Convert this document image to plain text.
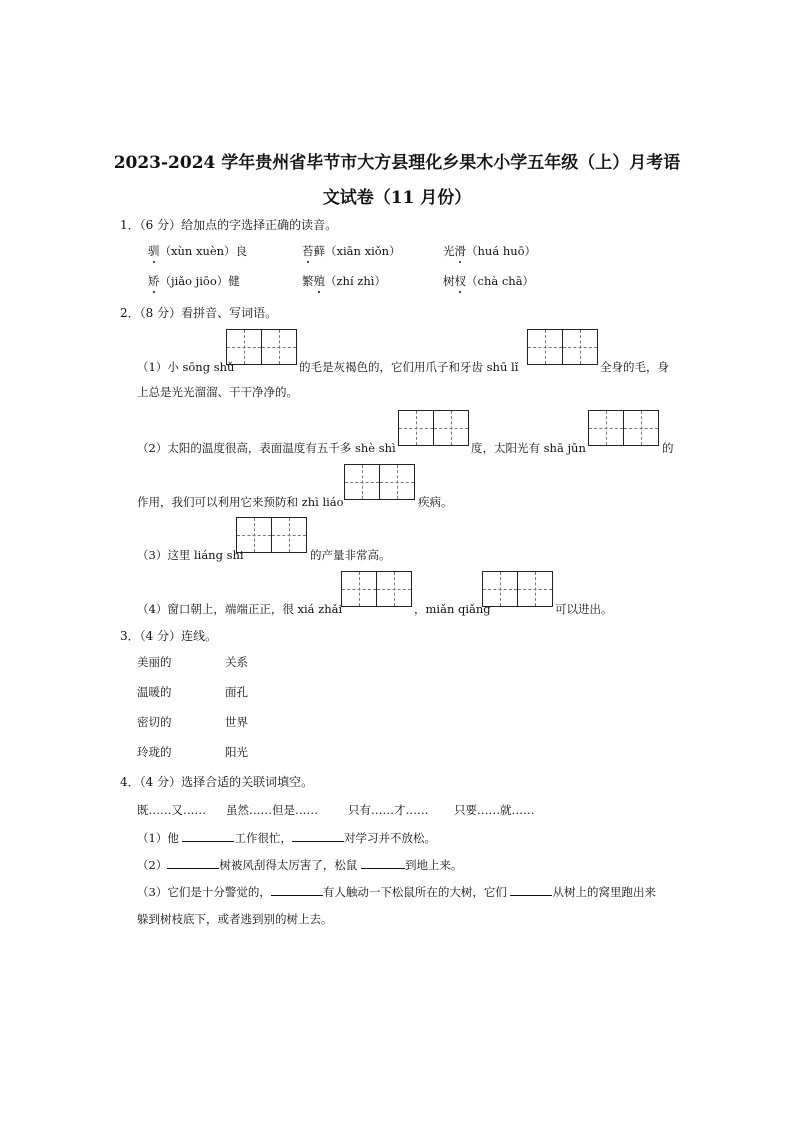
2023-2024 学年贵州省毕节市大方县理化乡果木小学五年级（上）月考语
文试卷（11 月份）
1．（6 分）给加点的字选择正确的读音。
驯（xùn xuèn）良	苔藓（xiān xiǒn）	光滑（huá huō）
矫（jiǎo jiōo）健	繁殖（zhí zhì）	树杈（chà chā）
2．（8 分）看拼音、写词语。
（1）小 sōng shǔ	的毛是灰褐色的，它们用爪子和牙齿 shū lǐ	全身的毛，身
上总是光光溜溜、干干净净的。
（2）太阳的温度很高，表面温度有五千多 shè shì	度，太阳光有 shā jūn	的
作用，我们可以利用它来预防和 zhì liáo	疾病。
（3）这里 liáng shi	的产量非常高。
（4）窗口朝上，端端正正，很 xiá zhǎi	，miǎn qiǎng	可以进出。
3．（4 分）连线。
美丽的	关系
温暖的	面孔
密切的	世界
玲珑的	阳光
4．（4 分）选择合适的关联词填空。
既……又…… 虽然……但是……	只有……才…… 只要……就……
（1）他	工作很忙，	对学习并不放松。
（2）	树被风刮得太厉害了，松鼠	到地上来。
（3）它们是十分警觉的，	有人触动一下松鼠所在的大树，它们	从树上的窝里跑出来
躲到树枝底下，或者逃到别的树上去。
